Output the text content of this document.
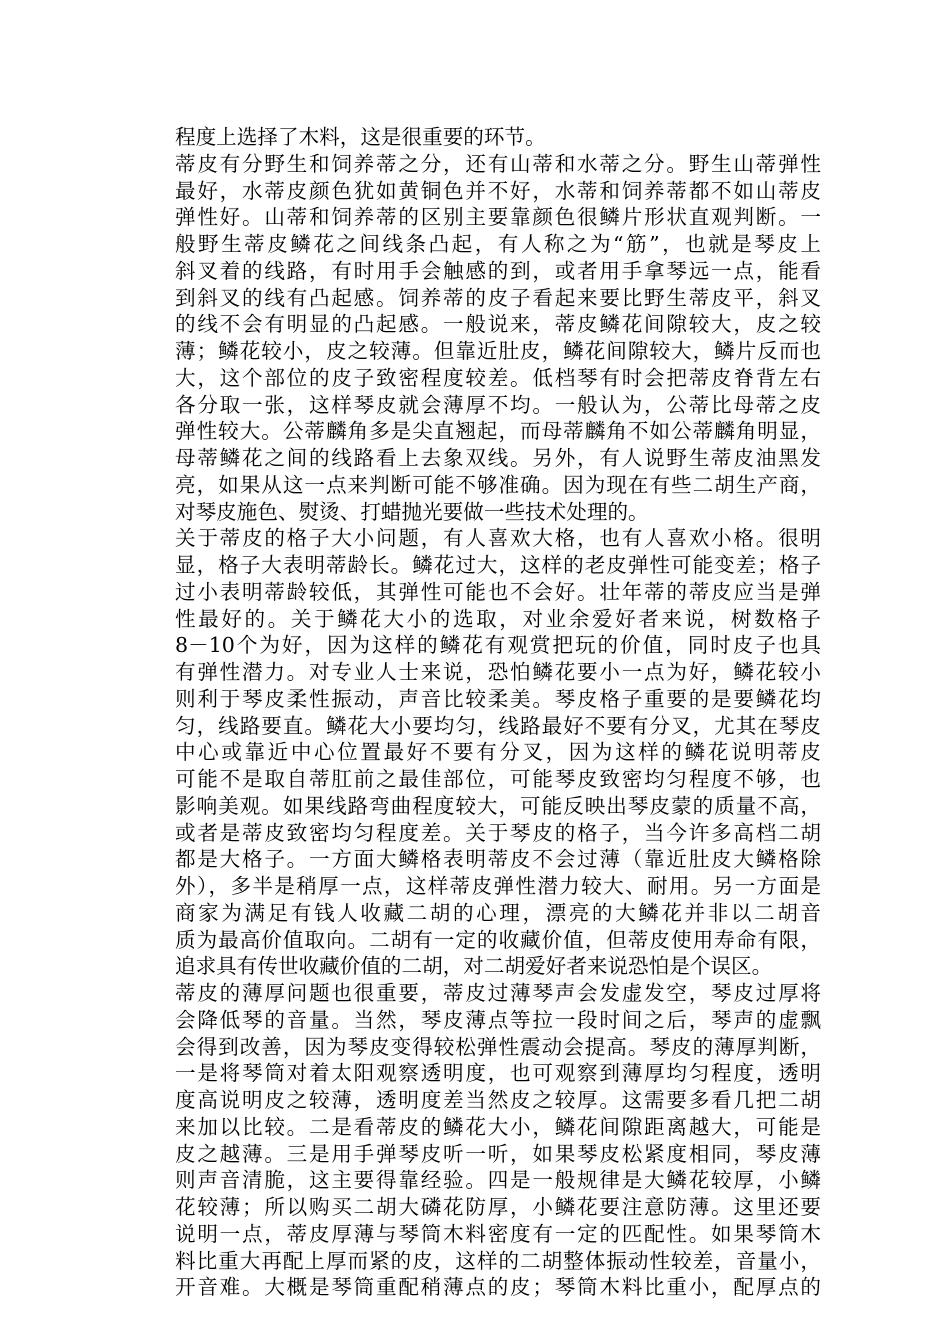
程度上选择了木料，这是很重要的环节。
蒂皮有分野生和饲养蒂之分，还有山蒂和水蒂之分。野生山蒂弹性
最好，水蒂皮颜色犹如黄铜色并不好，水蒂和饲养蒂都不如山蒂皮
弹性好。山蒂和饲养蒂的区别主要靠颜色很鳞片形状直观判断。一
般野生蒂皮鳞花之间线条凸起，有人称之为“筋”，也就是琴皮上
斜叉着的线路，有时用手会触感的到，或者用手拿琴远一点，能看
到斜叉的线有凸起感。饲养蒂的皮子看起来要比野生蒂皮平，斜叉
的线不会有明显的凸起感。一般说来，蒂皮鳞花间隙较大，皮之较
薄；鳞花较小，皮之较薄。但靠近肚皮，鳞花间隙较大，鳞片反而也
大，这个部位的皮子致密程度较差。低档琴有时会把蒂皮脊背左右
各分取一张，这样琴皮就会薄厚不均。一般认为，公蒂比母蒂之皮
弹性较大。公蒂麟角多是尖直翘起，而母蒂麟角不如公蒂麟角明显，
母蒂鳞花之间的线路看上去象双线。另外，有人说野生蒂皮油黑发
亮，如果从这一点来判断可能不够准确。因为现在有些二胡生产商，
对琴皮施色、熨烫、打蜡抛光要做一些技术处理的。
关于蒂皮的格子大小问题，有人喜欢大格，也有人喜欢小格。很明
显，格子大表明蒂龄长。鳞花过大，这样的老皮弹性可能变差；格子
过小表明蒂龄较低，其弹性可能也不会好。壮年蒂的蒂皮应当是弹
性最好的。关于鳞花大小的选取，对业余爱好者来说，树数格子
8－10个为好，因为这样的鳞花有观赏把玩的价值，同时皮子也具
有弹性潜力。对专业人士来说，恐怕鳞花要小一点为好，鳞花较小
则利于琴皮柔性振动，声音比较柔美。琴皮格子重要的是要鳞花均
匀，线路要直。鳞花大小要均匀，线路最好不要有分叉，尤其在琴皮
中心或靠近中心位置最好不要有分叉，因为这样的鳞花说明蒂皮
可能不是取自蒂肛前之最佳部位，可能琴皮致密均匀程度不够，也
影响美观。如果线路弯曲程度较大，可能反映出琴皮蒙的质量不高，
或者是蒂皮致密均匀程度差。关于琴皮的格子，当今许多高档二胡
都是大格子。一方面大鳞格表明蒂皮不会过薄（靠近肚皮大鳞格除
外），多半是稍厚一点，这样蒂皮弹性潜力较大、耐用。另一方面是
商家为满足有钱人收藏二胡的心理，漂亮的大鳞花并非以二胡音
质为最高价值取向。二胡有一定的收藏价值，但蒂皮使用寿命有限，
追求具有传世收藏价值的二胡，对二胡爱好者来说恐怕是个误区。
蒂皮的薄厚问题也很重要，蒂皮过薄琴声会发虚发空，琴皮过厚将
会降低琴的音量。当然，琴皮薄点等拉一段时间之后，琴声的虚飘
会得到改善，因为琴皮变得较松弹性震动会提高。琴皮的薄厚判断，
一是将琴筒对着太阳观察透明度，也可观察到薄厚均匀程度，透明
度高说明皮之较薄，透明度差当然皮之较厚。这需要多看几把二胡
来加以比较。二是看蒂皮的鳞花大小，鳞花间隙距离越大，可能是
皮之越薄。三是用手弹琴皮听一听，如果琴皮松紧度相同，琴皮薄
则声音清脆，这主要得靠经验。四是一般规律是大鳞花较厚，小鳞
花较薄；所以购买二胡大磷花防厚，小鳞花要注意防薄。这里还要
说明一点，蒂皮厚薄与琴筒木料密度有一定的匹配性。如果琴筒木
料比重大再配上厚而紧的皮，这样的二胡整体振动性较差，音量小，
开音难。大概是琴筒重配稍薄点的皮；琴筒木料比重小，配厚点的
